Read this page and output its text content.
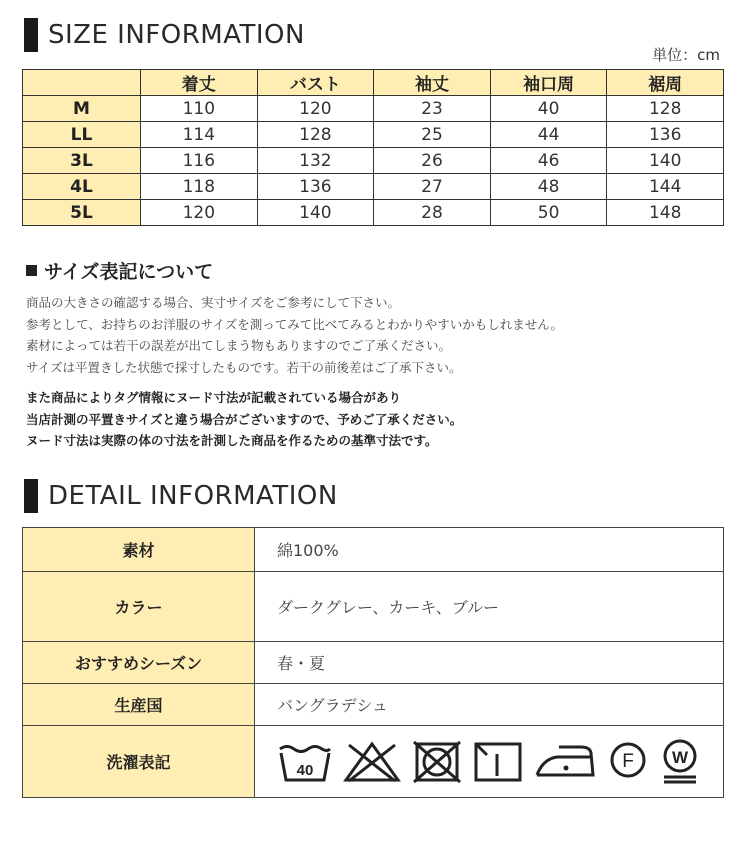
SIZE INFORMATION
単位：cm
	着丈	バスト	袖丈	袖口周	裾周
M	110	120	23	40	128
LL	114	128	25	44	136
3L	116	132	26	46	140
4L	118	136	27	48	144
5L	120	140	28	50	148
サイズ表記について
商品の大きさの確認する場合、実寸サイズをご参考にして下さい。
参考として、お持ちのお洋服のサイズを測ってみて比べてみるとわかりやすいかもしれません。
素材によっては若干の誤差が出てしまう物もありますのでご了承ください。
サイズは平置きした状態で採寸したものです。若干の前後差はご了承下さい。
また商品によりタグ情報にヌード寸法が記載されている場合があり
当店計測の平置きサイズと違う場合がございますので、予めご了承ください。
ヌード寸法は実際の体の寸法を計測した商品を作るための基準寸法です。
DETAIL INFORMATION
素材	綿100%
カラー	ダークグレー、カーキ、ブルー
おすすめシーズン	春・夏
生産国	バングラデシュ
洗濯表記	40 F W
